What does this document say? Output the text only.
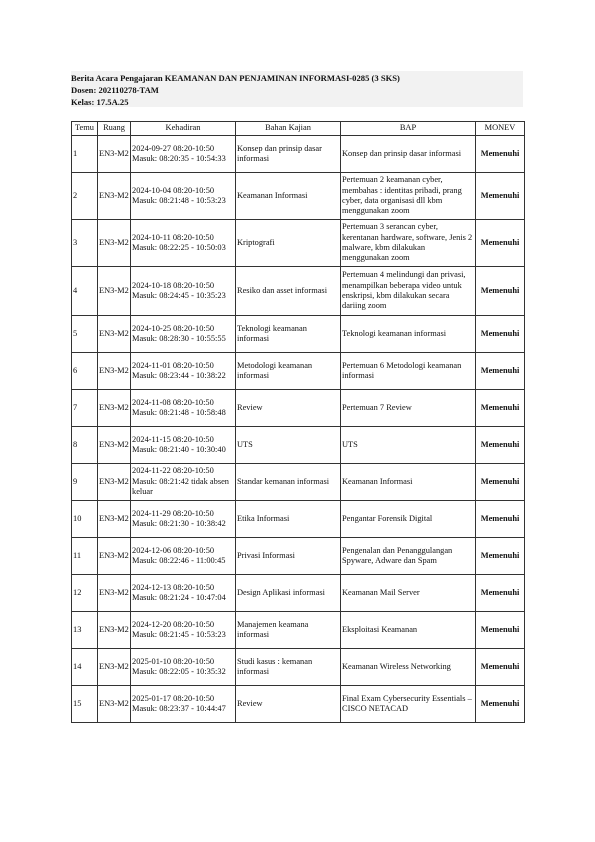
Berita Acara Pengajaran KEAMANAN DAN PENJAMINAN INFORMASI-0285 (3 SKS)
Dosen: 202110278-TAM
Kelas: 17.5A.25
Temu	Ruang	Kehadiran	Bahan Kajian	BAP	MONEV
1	EN3-M2	2024-09-27 08:20-10:50 Masuk: 08:20:35 - 10:54:33	Konsep dan prinsip dasar informasi	Konsep dan prinsip dasar informasi	Memenuhi
2	EN3-M2	2024-10-04 08:20-10:50 Masuk: 08:21:48 - 10:53:23	Keamanan Informasi	Pertemuan 2 keamanan cyber, membahas : identitas pribadi, prang cyber, data organisasi dll kbm menggunakan zoom	Memenuhi
3	EN3-M2	2024-10-11 08:20-10:50 Masuk: 08:22:25 - 10:50:03	Kriptografi	Pertemuan 3 serancan cyber, kerentanan hardware, software, Jenis 2 malware, kbm dilakukan menggunakan zoom	Memenuhi
4	EN3-M2	2024-10-18 08:20-10:50 Masuk: 08:24:45 - 10:35:23	Resiko dan asset informasi	Pertemuan 4 melindungi dan privasi, menampilkan beberapa video untuk enskripsi, kbm dilakukan secara dariing zoom	Memenuhi
5	EN3-M2	2024-10-25 08:20-10:50 Masuk: 08:28:30 - 10:55:55	Teknologi keamanan informasi	Teknologi keamanan informasi	Memenuhi
6	EN3-M2	2024-11-01 08:20-10:50 Masuk: 08:23:44 - 10:38:22	Metodologi keamanan informasi	Pertemuan 6 Metodologi keamanan informasi	Memenuhi
7	EN3-M2	2024-11-08 08:20-10:50 Masuk: 08:21:48 - 10:58:48	Review	Pertemuan 7 Review	Memenuhi
8	EN3-M2	2024-11-15 08:20-10:50 Masuk: 08:21:40 - 10:30:40	UTS	UTS	Memenuhi
9	EN3-M2	2024-11-22 08:20-10:50 Masuk: 08:21:42 tidak absen keluar	Standar kemanan informasi	Keamanan Informasi	Memenuhi
10	EN3-M2	2024-11-29 08:20-10:50 Masuk: 08:21:30 - 10:38:42	Etika Informasi	Pengantar Forensik Digital	Memenuhi
11	EN3-M2	2024-12-06 08:20-10:50 Masuk: 08:22:46 - 11:00:45	Privasi Informasi	Pengenalan dan Penanggulangan Spyware, Adware dan Spam	Memenuhi
12	EN3-M2	2024-12-13 08:20-10:50 Masuk: 08:21:24 - 10:47:04	Design Aplikasi informasi	Keamanan Mail Server	Memenuhi
13	EN3-M2	2024-12-20 08:20-10:50 Masuk: 08:21:45 - 10:53:23	Manajemen keamana informasi	Eksploitasi Keamanan	Memenuhi
14	EN3-M2	2025-01-10 08:20-10:50 Masuk: 08:22:05 - 10:35:32	Studi kasus : kemanan informasi	Keamanan Wireless Networking	Memenuhi
15	EN3-M2	2025-01-17 08:20-10:50 Masuk: 08:23:37 - 10:44:47	Review	Final Exam Cybersecurity Essentials – CISCO NETACAD	Memenuhi
